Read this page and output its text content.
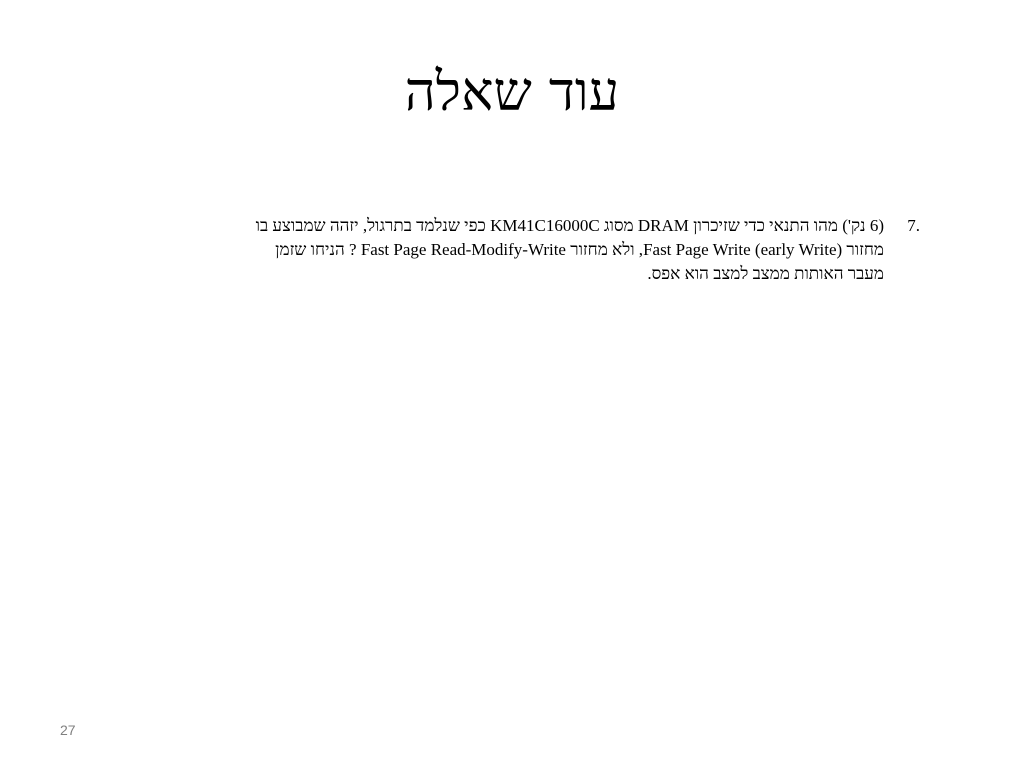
עוד שאלה
7.

(6 נק') מהו התנאי כדי שזיכרון DRAM מסוג KM41C16000C כפי שנלמד בתרגול, יזהה שמבוצע בו
מחזור Fast Page Write (early Write), ולא מחזור Fast Page Read-Modify-Write ? הניחו שזמן
מעבר האותות ממצב למצב הוא אפס.

27
